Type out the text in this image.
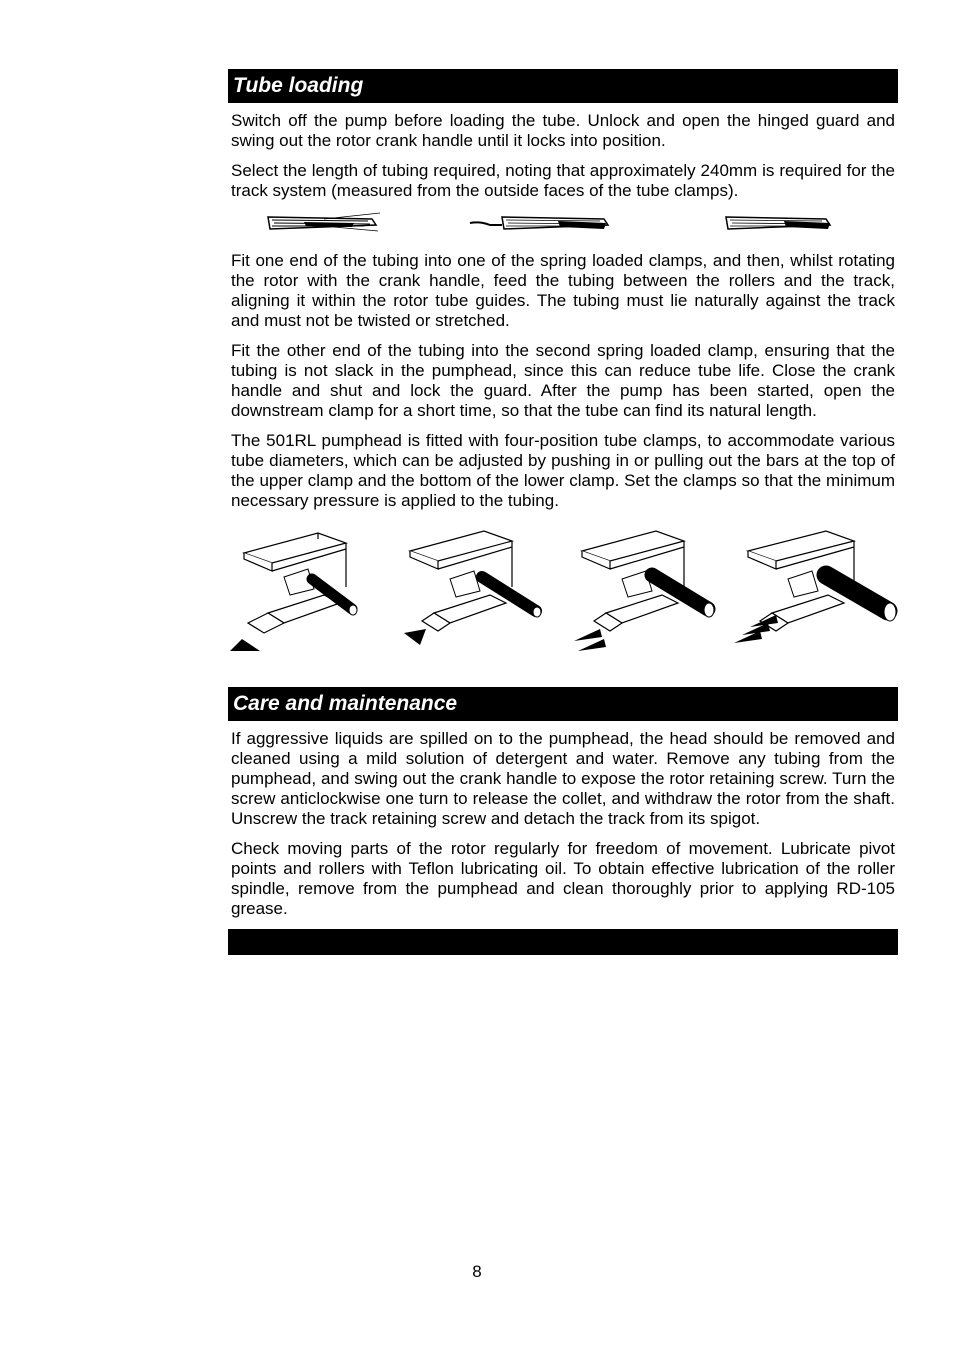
Tube loading

Switch off the pump before loading the tube. Unlock and open the hinged guard and swing out the rotor crank handle until it locks into position.

Select the length of tubing required, noting that approximately 240mm is required for the track system (measured from the outside faces of the tube clamps).

Fit one end of the tubing into one of the spring loaded clamps, and then, whilst rotating the rotor with the crank handle, feed the tubing between the rollers and the track, aligning it within the rotor tube guides. The tubing must lie naturally against the track and must not be twisted or stretched.

Fit the other end of the tubing into the second spring loaded clamp, ensuring that the tubing is not slack in the pumphead, since this can reduce tube life. Close the crank handle and shut and lock the guard. After the pump has been started, open the downstream clamp for a short time, so that the tube can find its natural length.

The 501RL pumphead is fitted with four-position tube clamps, to accommodate various tube diameters, which can be adjusted by pushing in or pulling out the bars at the top of the upper clamp and the bottom of the lower clamp. Set the clamps so that the minimum necessary pressure is applied to the tubing.

Care and maintenance

If aggressive liquids are spilled on to the pumphead, the head should be removed and cleaned using a mild solution of detergent and water. Remove any tubing from the pumphead, and swing out the crank handle to expose the rotor retaining screw. Turn the screw anticlockwise one turn to release the collet, and withdraw the rotor from the shaft. Unscrew the track retaining screw and detach the track from its spigot.

Check moving parts of the rotor regularly for freedom of movement. Lubricate pivot points and rollers with Teflon lubricating oil. To obtain effective lubrication of the roller spindle, remove from the pumphead and clean thoroughly prior to applying RD-105 grease.

8
